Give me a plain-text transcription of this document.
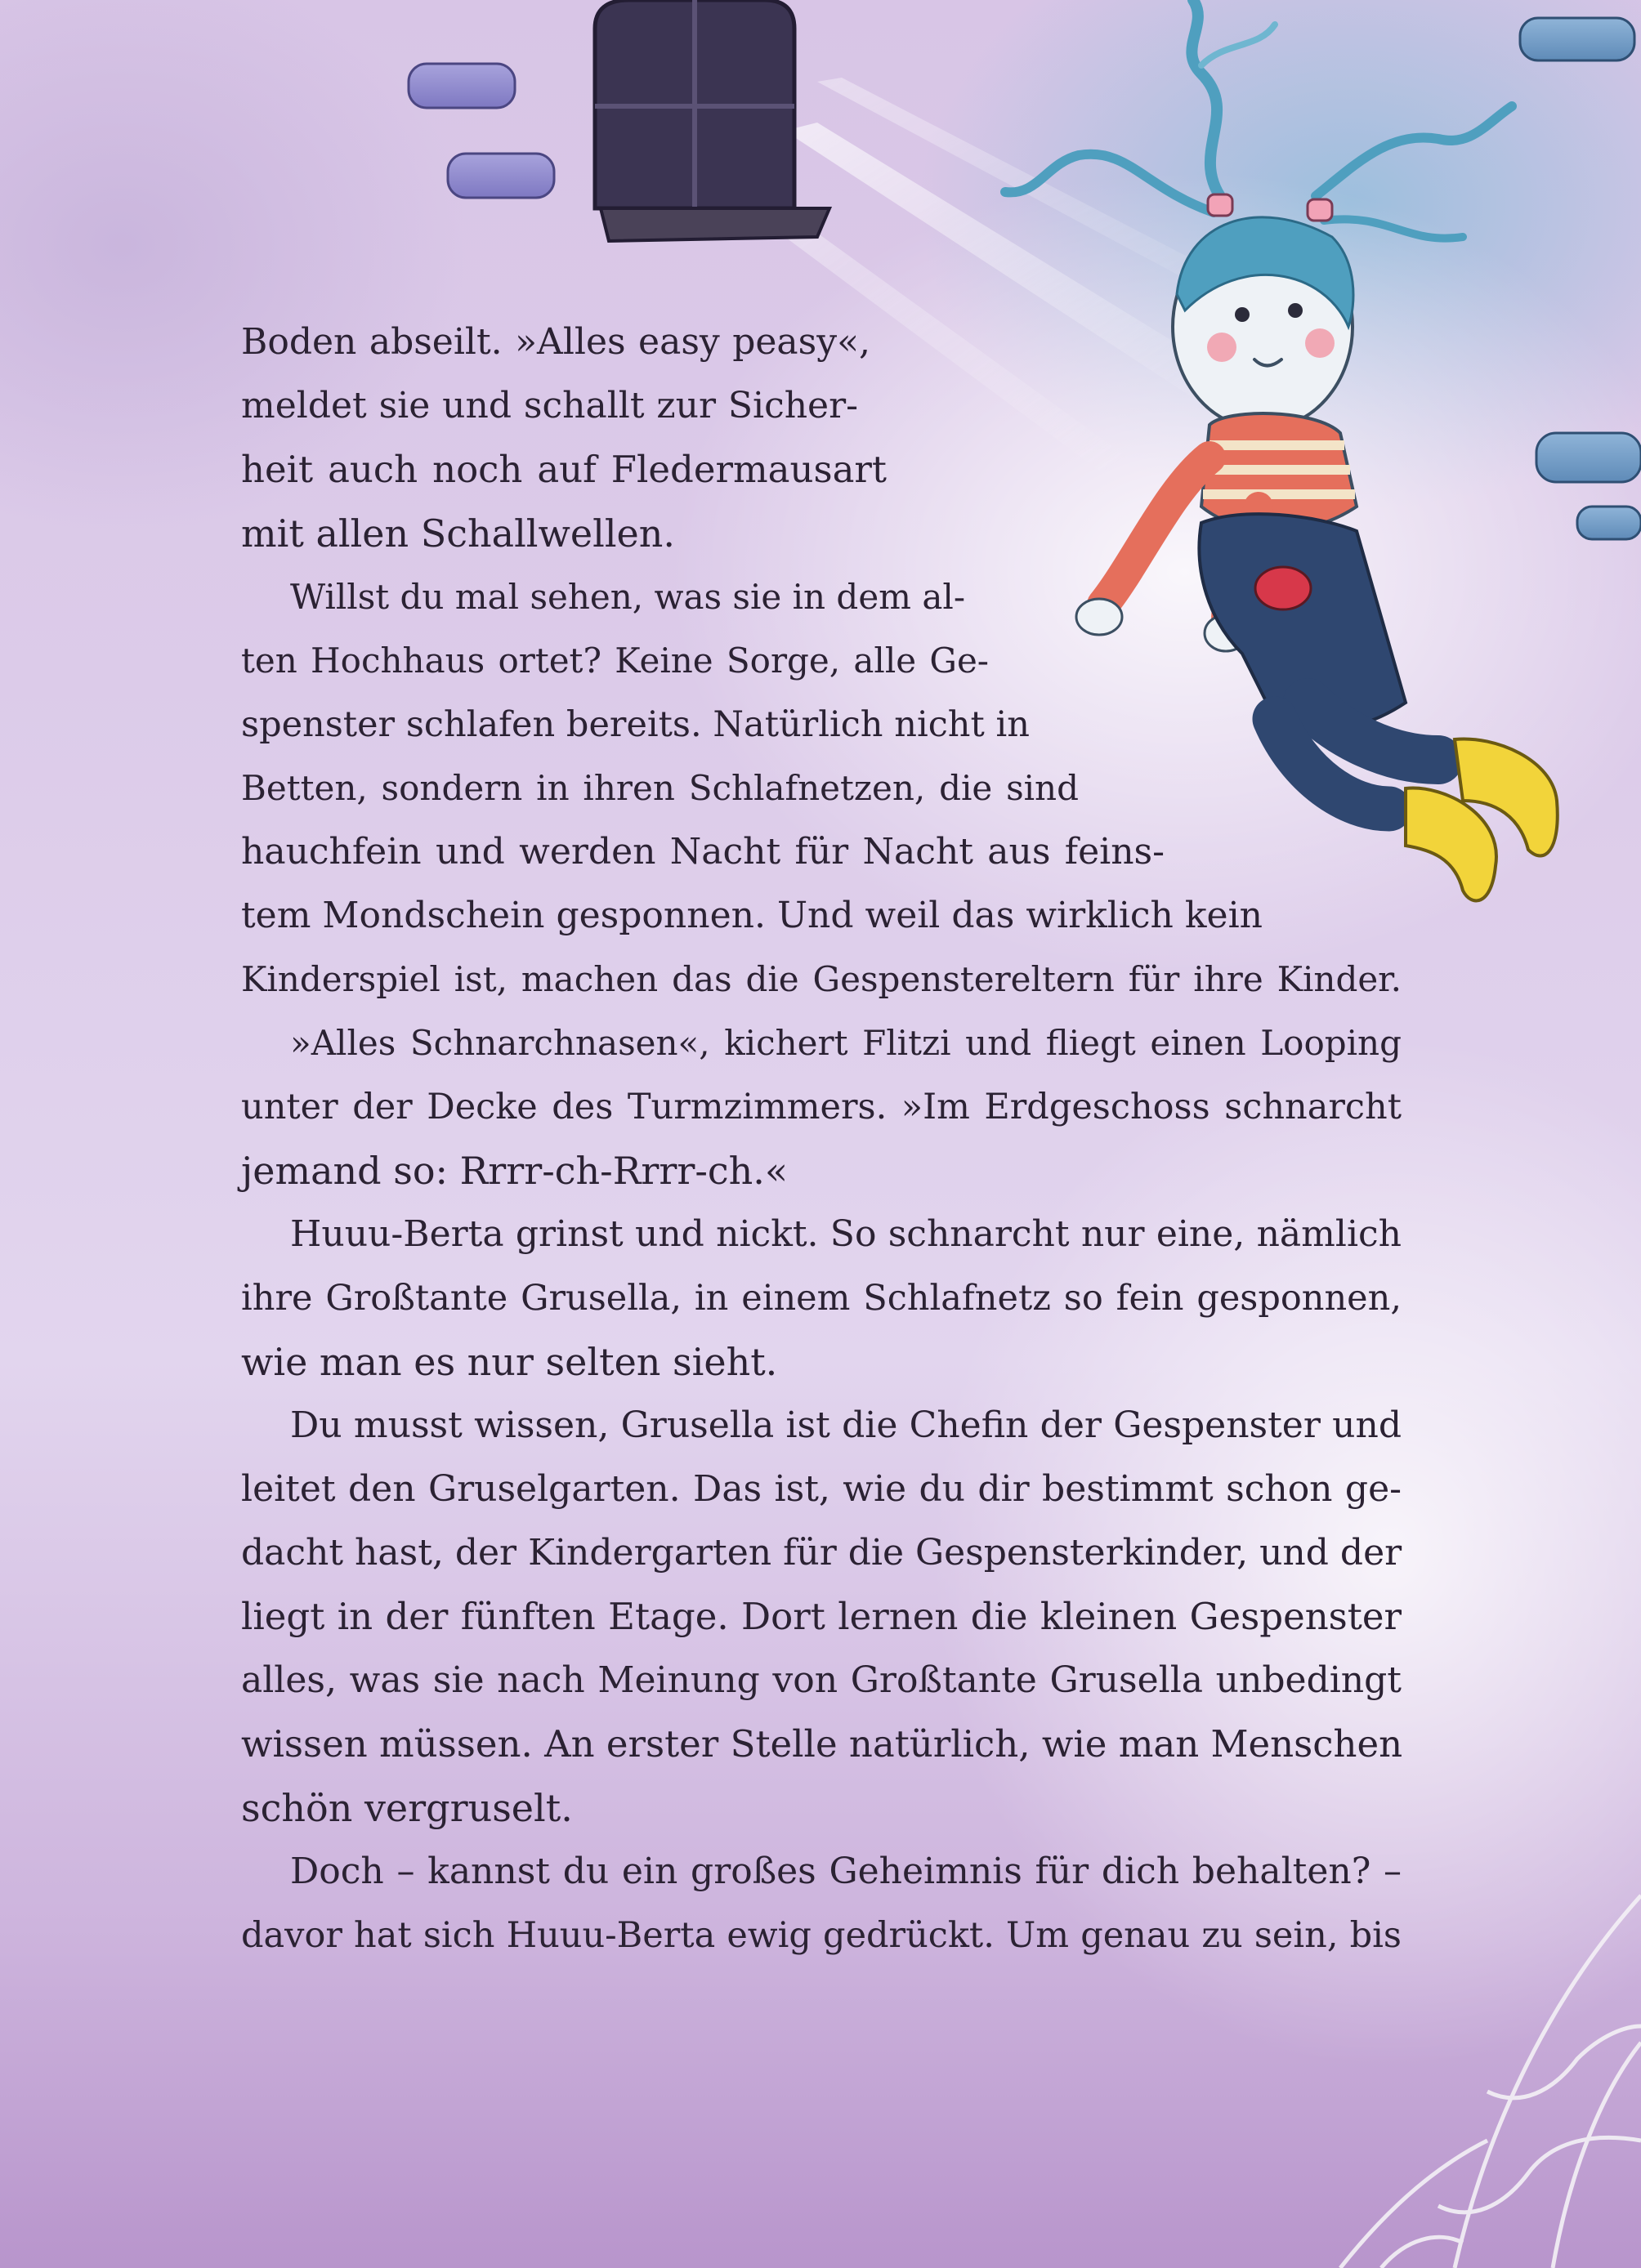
Boden abseilt. »Alles easy peasy«,
meldet sie und schallt zur Sicher-
heit auch noch auf Fledermausart
mit allen Schallwellen.
Willst du mal sehen, was sie in dem al-
ten Hochhaus ortet? Keine Sorge, alle Ge-
spenster schlafen bereits. Natürlich nicht in
Betten, sondern in ihren Schlafnetzen, die sind
hauchfein und werden Nacht für Nacht aus feins-
tem Mondschein gesponnen. Und weil das wirklich kein
Kinderspiel ist, machen das die Gespenstereltern für ihre Kinder.
»Alles Schnarchnasen«, kichert Flitzi und fliegt einen Looping
unter der Decke des Turmzimmers. »Im Erdgeschoss schnarcht
jemand so: Rrrr-ch-Rrrr-ch.«
Huuu-Berta grinst und nickt. So schnarcht nur eine, nämlich
ihre Großtante Grusella, in einem Schlafnetz so fein gesponnen,
wie man es nur selten sieht.
Du musst wissen, Grusella ist die Chefin der Gespenster und
leitet den Gruselgarten. Das ist, wie du dir bestimmt schon ge-
dacht hast, der Kindergarten für die Gespensterkinder, und der
liegt in der fünften Etage. Dort lernen die kleinen Gespenster
alles, was sie nach Meinung von Großtante Grusella unbedingt
wissen müssen. An erster Stelle natürlich, wie man Menschen
schön vergruselt.
Doch – kannst du ein großes Geheimnis für dich behalten? –
davor hat sich Huuu-Berta ewig gedrückt. Um genau zu sein, bis
